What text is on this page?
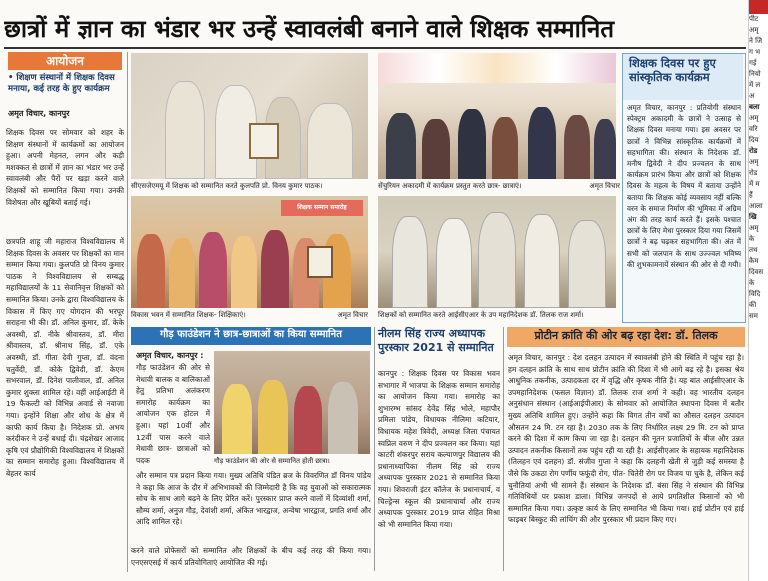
छात्रों में ज्ञान का भंडार भर उन्हें स्वावलंबी बनाने वाले शिक्षक सम्मानित
आयोजन
• शिक्षण संस्थानों में शिक्षक दिवस मनाया, कई तरह के हुए कार्यक्रम
अमृत विचार, कानपुर
शिक्षक दिवस पर सोमवार को शहर के शिक्षण संस्थानों में कार्यक्रमों का आयोजन हुआ। अपनी मेहनत, लगन और कड़ी मशक्कत से छात्रों में ज्ञान का भंडार भर उन्हें स्वावलंबी और पैरों पर खड़ा करने वाले शिक्षकों को सम्मानित किया गया। उनकी विशेषता और खूबियों बताई गई।
छत्रपति शाहू जी महाराज विश्वविद्यालय में शिक्षक दिवस के अवसर पर शिक्षकों का मान सम्मान किया गया। कुलपति प्रो विनय कुमार पाठक ने विश्वविद्यालय से सम्बद्ध महाविद्यालयों के 11 सेवानिवृत्त शिक्षकों को सम्मानित किया। उनके द्वारा विश्वविद्यालय के विकास में किए गए योगदान की भरपूर सराहना भी की। डॉ. अनिल कुमार, डॉ. केके अवस्थी, डॉ. नीके श्रीवास्तव, डॉ. मीरा श्रीवास्तव, डॉ. श्रीनाथ सिंह, डॉ. एके अवस्थी, डॉ. गीता देवी गुप्ता, डॉ. वंदना चतुर्वेदी, डॉ. कोके द्विवेदी, डॉ. केएम सभरवाल, डॉ. दिनेश पालीवाल, डॉ. अनिल कुमार शुक्ला शामिल रहे। वहीं आईआईटी में 19 फैकल्टी को विभिन्न अवार्ड से नवाजा गया। इन्होंने शिक्षा और शोध के क्षेत्र में काफी कार्य किया है। निदेशक प्रो. अभय करंदीकर ने उन्हें बधाई दी। चंद्रशेखर आजाद कृषि एवं प्रौद्योगिकी विश्वविद्यालय में शिक्षकों का सम्मान समारोह हुआ। विश्वविद्यालय में बेहतर कार्य
सीएसजेएमयू में शिक्षक को सम्मानित करते कुलपति प्रो. विनय कुमार पाठक।	सेंचुरियन अकादमी में कार्यक्रम प्रस्तुत करते छात्र- छात्राएं।	अमृत विचार
शिक्षक सम्मान समारोह
विकास भवन में सम्मानित शिक्षक- शिक्षिकाएं।	अमृत विचार शिक्षकों को सम्मानित करते आईसीएआर के उप महानिदेशक डॉ. तिलक राज शर्मा।
शिक्षक दिवस पर हुए सांस्कृतिक कार्यक्रम
अमृत विचार, कानपुर : प्रतियोगी संस्थान स्पेक्ट्रम अकादमी के छात्रों ने उत्साह से शिक्षक दिवस मनाया गया। इस अवसर पर छात्रों ने विभिन्न सांस्कृतिक कार्यक्रमों में सहभागिता की। संस्थान के निदेशक डॉ. मनीष द्विवेदी ने दीप प्रज्वलन के साथ कार्यक्रम प्रारंभ किया और छात्रों को शिक्षक दिवस के महत्व के विषय में बताया उन्होंने बताया कि शिक्षक कोई व्यवसाय नहीं बल्कि वरन के समाज निर्माण की भूमिका में अग्रिम अंग की तरह कार्य करते हैं। इसके पश्चात छात्रों के लिए मेधा पुरस्कार दिया गया जिसमें छात्रों ने बढ़ चढ़कर सहभागिता की। अंत में सभी को जलपान के साथ उज्ज्वल भविष्य की शुभकामनायें संस्थान की ओर से दी गयी।
गौड़ फाउंडेशन ने छात्र-छात्राओं का किया सम्मानित
अमृत विचार, कानपुर :
गौड़ फाउंडेशन की ओर से मेधावी बालक व बालिकाओं हेतु प्रतिभा अलंकरण समारोह कार्यक्रम का आयोजन एक होटल में हुआ। यहां 10वीं और 12वीं पास करने वाले मेधावी छात्र- छात्राओं को पदक	गौड़ फाउंडेशन की ओर से सम्मानित होती छात्रा।
और सम्मान पत्र प्रदान किया गया। मुख्य अतिथि पंडित ब्रज के विवरणित डॉ विनय पांडेय ने कहा कि आज के दौर में अभिभावकों की जिम्मेदारी है कि वह युवाओं को सकारात्मक सोच के साथ आगे बढ़ने के लिए प्रेरित करें। पुरस्कार प्राप्त करने वालों में दिव्यांशी शर्मा, सौम्य शर्मा, अनुज गौड़, देवांशी शर्मा, अंकित भारद्वाज, अन्वेषा भारद्वाज, प्रगति शर्मा और आदि शामिल रहे।
करने वाले प्रोफेसरों को सम्मानित और शिक्षकों के बीच कई तरह की किया गया। एनएसएसई में कार्य प्रतियोगिताएं आयोजित की गई।
नीलम सिंह राज्य अध्यापक पुरस्कार 2021 से सम्मानित
कानपुर : शिक्षक दिवस पर विकास भवन सभागार में भाजपा के शिक्षक सम्मान समारोह का आयोजन किया गया। समारोह का शुभारम्भ सांसद देवेंद्र सिंह भोले, महापौर प्रमिला पांडेय, विधायक नीलिमा कटियार, विधायक महेश त्रिवेदी, अध्यक्ष जिला पंचायत स्वप्निल वरुण ने दीप प्रज्वलन कर किया। यहां काटरी शंकरपुर सराय कल्याणपुर विद्यालय की प्रधानाध्यापिका नीलम सिंह को राज्य अध्यापक पुरस्कार 2021 से सम्मानित किया गया। शिवराजी इंटर कॉलेज के प्रधानाचार्य, व चिल्ड्रेन्स स्कूल की प्रधानाचार्या और राज्य अध्यापक पुरस्कार 2019 प्राप्त रोहित मिश्रा को भी सम्मानित किया गया।
प्रोटीन क्रांति की ओर बढ़ रहा देश: डॉ. तिलक
अमृत विचार, कानपुर : देश दलहन उत्पादन में स्वावलंबी होने की स्थिति में पहुंच रहा है। हम दलहन क्रांति के साथ साथ प्रोटीन क्रांति की दिशा में भी आगे बढ़ रहे है। इसका श्रेय आधुनिक तकनीक, उत्पादकता दर में वृद्धि और कृषक नीति है। यह बात आईसीएआर के उपमहानिदेशक (फसल विज्ञान) डॉ. तिलक राज शर्मा ने कही। वह भारतीय दलहन अनुसंधान संस्थान (आईआईपीआर) के सोमवार को आयोजित स्थापना दिवस में बतौर मुख्य अतिथि शामिल हुए। उन्होंने कहा कि विगत तीन वर्षों का औसत दलहन उत्पादन औसतन 24 मि. टन रहा है। 2030 तक के लिए निर्धारित लक्ष्य 29 मि. टन को प्राप्त करने की दिशा में काम किया जा रहा है। दलहन की नूतन प्रजातियों के बीज और उन्नत उत्पादन तकनीक किसानों तक पहुंच रही या रही है। आईसीएआर के सहायक महानिदेशक (तिलहन एवं दलहन) डॉ. संजीव गुप्ता ने कहा कि दलहनी खेती से जुड़ी कई समस्या है जैसे कि उकठा रोग पर्णीय फफूंदी रोग, पीत- चितेरी रोग पर विजय पा चुके है, लेकिन कई चुनौतियां अभी भी सामने हैं। संस्थान के निदेशक डॉ. बंसा सिंह ने संस्थान की विभिन्न गतिविधियों पर प्रकाश डाला। विभिन्न जनपदों से आये प्रगतिशील किसानों को भी सम्मानित किया गया। उत्कृष्ट कार्य के लिए सम्मानित भी किया गया। हाई प्रोटीन एवं हाई फाइबर बिस्कुट की लांचिंग की और पुरस्कार भी प्रदान किए गए।
पीट
अमृ
ने जि
ग भ
गई
नियो
में ल
अ
बला
अमृ
वरि
दिय
रोड
अमृ
रोड
में म
हैं
आला
खि
अमृ
के
तथ
कैम
दिवस
के
विदि
की
सम
